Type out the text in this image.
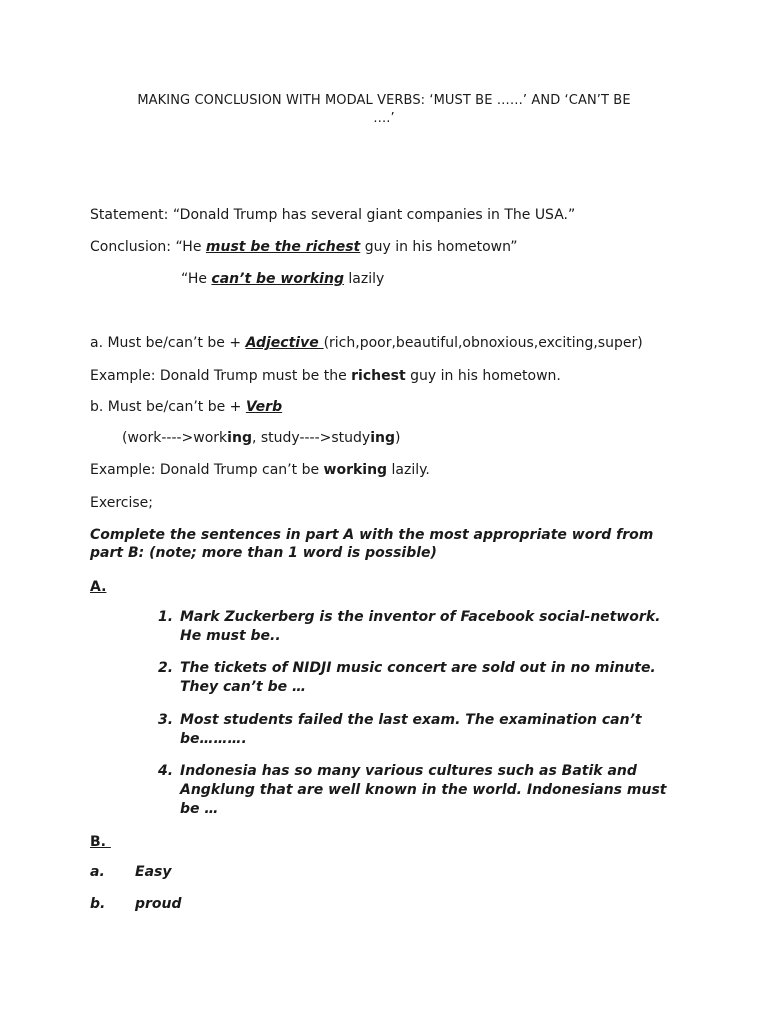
MAKING CONCLUSION WITH MODAL VERBS: ‘MUST BE ……’ AND ‘CAN’T BE
….’
Statement: “Donald Trump has several giant companies in The USA.”
Conclusion: “He must be the richest guy in his hometown”
“He can’t be working lazily
a. Must be/can’t be + Adjective (rich,poor,beautiful,obnoxious,exciting,super)
Example: Donald Trump must be the richest guy in his hometown.
b. Must be/can’t be + Verb
(work---->working, study---->studying)
Example: Donald Trump can’t be working lazily.
Exercise;
Complete the sentences in part A with the most appropriate word from part B: (note; more than 1 word is possible)
A.
1. Mark Zuckerberg is the inventor of Facebook social-network. He must be..
2. The tickets of NIDJI music concert are sold out in no minute. They can’t be …
3. Most students failed the last exam. The examination can’t be……….
4. Indonesia has so many various cultures such as Batik and Angklung that are well known in the world. Indonesians must be …
B.
a. Easy
b. proud
